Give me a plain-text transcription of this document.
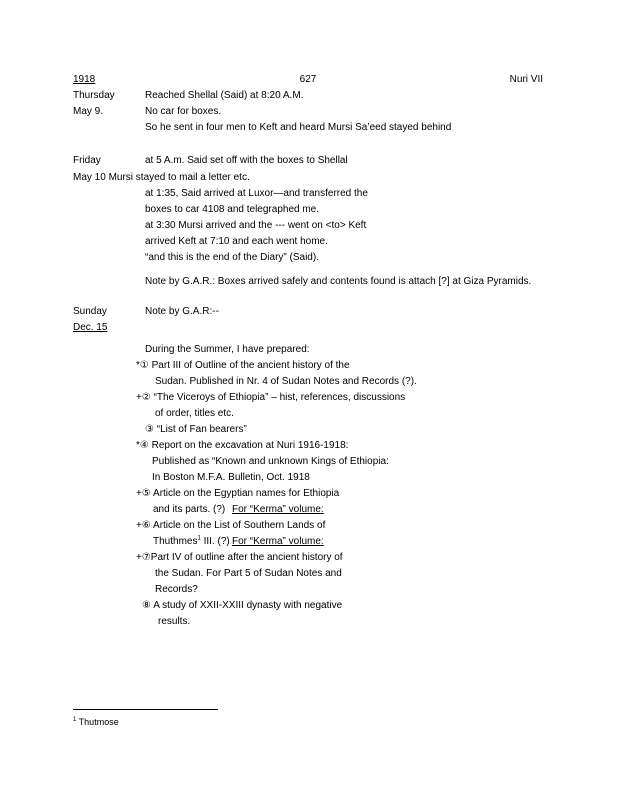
1918	627	Nuri VII
Thursday	Reached Shellal (Said) at 8:20 A.M.
May 9.	No car for boxes.
So he sent in four men to Keft and heard Mursi Sa’eed stayed behind
Friday	at 5 A.m. Said set off with the boxes to Shellal
May 10 Mursi stayed to mail a letter etc.
at 1:35, Said arrived at Luxor—and transferred the
boxes to car 4108 and telegraphed me.
at 3:30 Mursi arrived and the --- went on <to> Keft
arrived Keft at 7:10 and each went home.
“and this is the end of the Diary” (Said).
Note by G.A.R.: Boxes arrived safely and contents found is attach [?] at Giza Pyramids.
Sunday	Note by G.A.R:--
Dec. 15
During the Summer, I have prepared:
*① Part III of Outline of the ancient history of the
Sudan. Published in Nr. 4 of Sudan Notes and Records (?).
+② “The Viceroys of Ethiopia” – hist, references, discussions
of order, titles etc.
③ “List of Fan bearers”
*④ Report on the excavation at Nuri 1916-1918:
Published as “Known and unknown Kings of Ethiopia:
In Boston M.F.A. Bulletin, Oct. 1918
+⑤ Article on the Egyptian names for Ethiopia
and its parts. (?) For “Kerma” volume:
+⑥ Article on the List of Southern Lands of
Thuthmes$^1$ III. (?) For “Kerma” volume:
+⑦Part IV of outline after the ancient history of
the Sudan. For Part 5 of Sudan Notes and
Records?
⑧ A study of XXII-XXIII dynasty with negative
results.
$^1$ Thutmose
